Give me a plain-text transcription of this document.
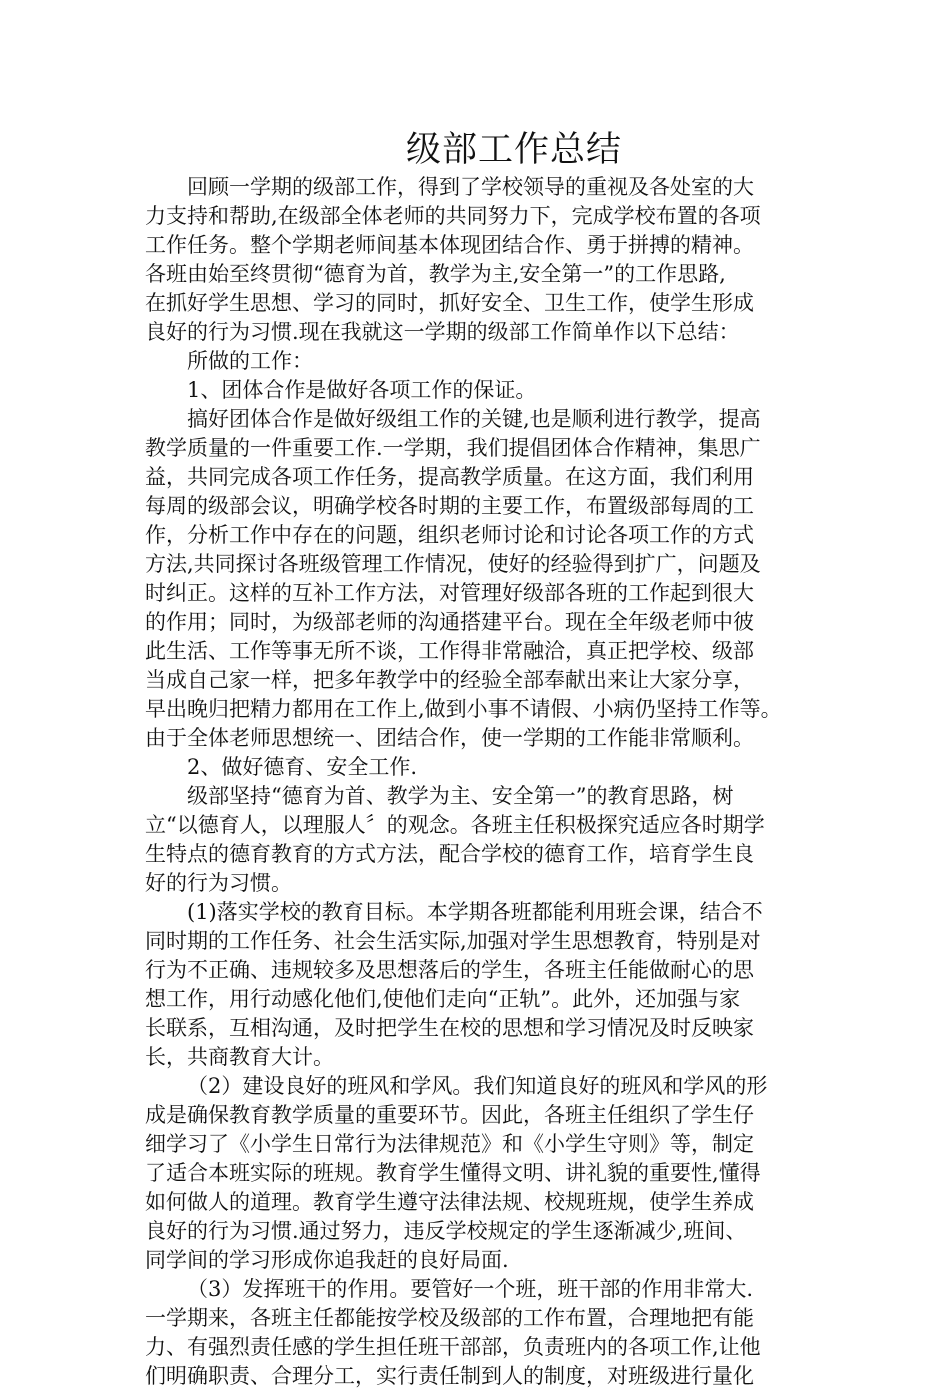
级部工作总结
回顾一学期的级部工作，得到了学校领导的重视及各处室的大
力支持和帮助,在级部全体老师的共同努力下，完成学校布置的各项
工作任务。整个学期老师间基本体现团结合作、勇于拼搏的精神。
各班由始至终贯彻“德育为首，教学为主,安全第一”的工作思路,
在抓好学生思想、学习的同时，抓好安全、卫生工作，使学生形成
良好的行为习惯.现在我就这一学期的级部工作简单作以下总结：
所做的工作：
1、团体合作是做好各项工作的保证。
搞好团体合作是做好级组工作的关键,也是顺利进行教学，提高
教学质量的一件重要工作.一学期，我们提倡团体合作精神，集思广
益，共同完成各项工作任务，提高教学质量。在这方面，我们利用
每周的级部会议，明确学校各时期的主要工作，布置级部每周的工
作，分析工作中存在的问题，组织老师讨论和讨论各项工作的方式
方法,共同探讨各班级管理工作情况，使好的经验得到扩广，问题及
时纠正。这样的互补工作方法，对管理好级部各班的工作起到很大
的作用；同时，为级部老师的沟通搭建平台。现在全年级老师中彼
此生活、工作等事无所不谈，工作得非常融洽，真正把学校、级部
当成自己家一样，把多年教学中的经验全部奉献出来让大家分享，
早出晚归把精力都用在工作上,做到小事不请假、小病仍坚持工作等。
由于全体老师思想统一、团结合作，使一学期的工作能非常顺利。
2、做好德育、安全工作.
级部坚持“德育为首、教学为主、安全第一”的教育思路，树
立“以德育人，以理服人〞的观念。各班主任积极探究适应各时期学
生特点的德育教育的方式方法，配合学校的德育工作，培育学生良
好的行为习惯。
(1)落实学校的教育目标。本学期各班都能利用班会课，结合不
同时期的工作任务、社会生活实际,加强对学生思想教育，特别是对
行为不正确、违规较多及思想落后的学生，各班主任能做耐心的思
想工作，用行动感化他们,使他们走向“正轨”。此外，还加强与家
长联系，互相沟通，及时把学生在校的思想和学习情况及时反映家
长，共商教育大计。
（2）建设良好的班风和学风。我们知道良好的班风和学风的形
成是确保教育教学质量的重要环节。因此，各班主任组织了学生仔
细学习了《小学生日常行为法律规范》和《小学生守则》等，制定
了适合本班实际的班规。教育学生懂得文明、讲礼貌的重要性,懂得
如何做人的道理。教育学生遵守法律法规、校规班规，使学生养成
良好的行为习惯.通过努力，违反学校规定的学生逐渐减少,班间、
同学间的学习形成你追我赶的良好局面.
（3）发挥班干的作用。要管好一个班，班干部的作用非常大.
一学期来，各班主任都能按学校及级部的工作布置，合理地把有能
力、有强烈责任感的学生担任班干部部，负责班内的各项工作,让他
们明确职责、合理分工，实行责任制到人的制度，对班级进行量化
